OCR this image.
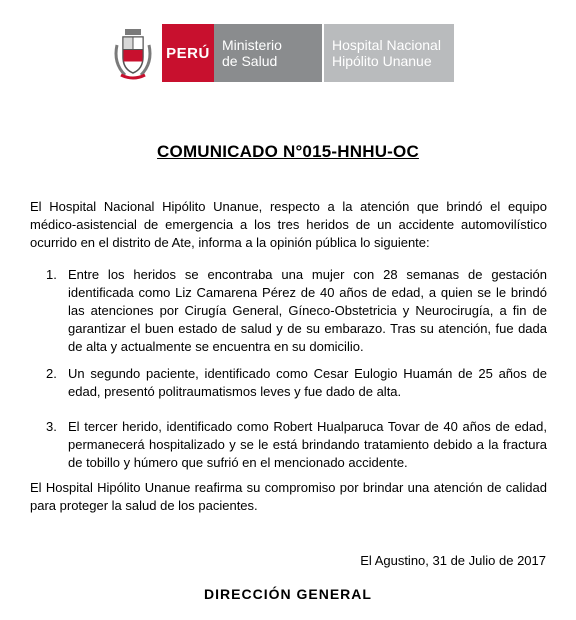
PERÚ Ministerio
de Salud
Hospital Nacional
Hipólito Unanue
COMUNICADO N°015-HNHU-OC
El Hospital Nacional Hipólito Unanue, respecto a la atención que brindó el equipo médico-asistencial de emergencia a los tres heridos de un accidente automovilístico ocurrido en el distrito de Ate, informa a la opinión pública lo siguiente:
1. Entre los heridos se encontraba una mujer con 28 semanas de gestación identificada como Liz Camarena Pérez de 40 años de edad, a quien se le brindó las atenciones por Cirugía General, Gíneco-Obstetricia y Neurocirugía, a fin de garantizar el buen estado de salud y de su embarazo. Tras su atención, fue dada de alta y actualmente se encuentra en su domicilio.
2. Un segundo paciente, identificado como Cesar Eulogio Huamán de 25 años de edad, presentó politraumatismos leves y fue dado de alta.
3. El tercer herido, identificado como Robert Hualparuca Tovar de 40 años de edad, permanecerá hospitalizado y se le está brindando tratamiento debido a la fractura de tobillo y húmero que sufrió en el mencionado accidente.
El Hospital Hipólito Unanue reafirma su compromiso por brindar una atención de calidad para proteger la salud de los pacientes.
El Agustino, 31 de Julio de 2017
DIRECCIÓN GENERAL
